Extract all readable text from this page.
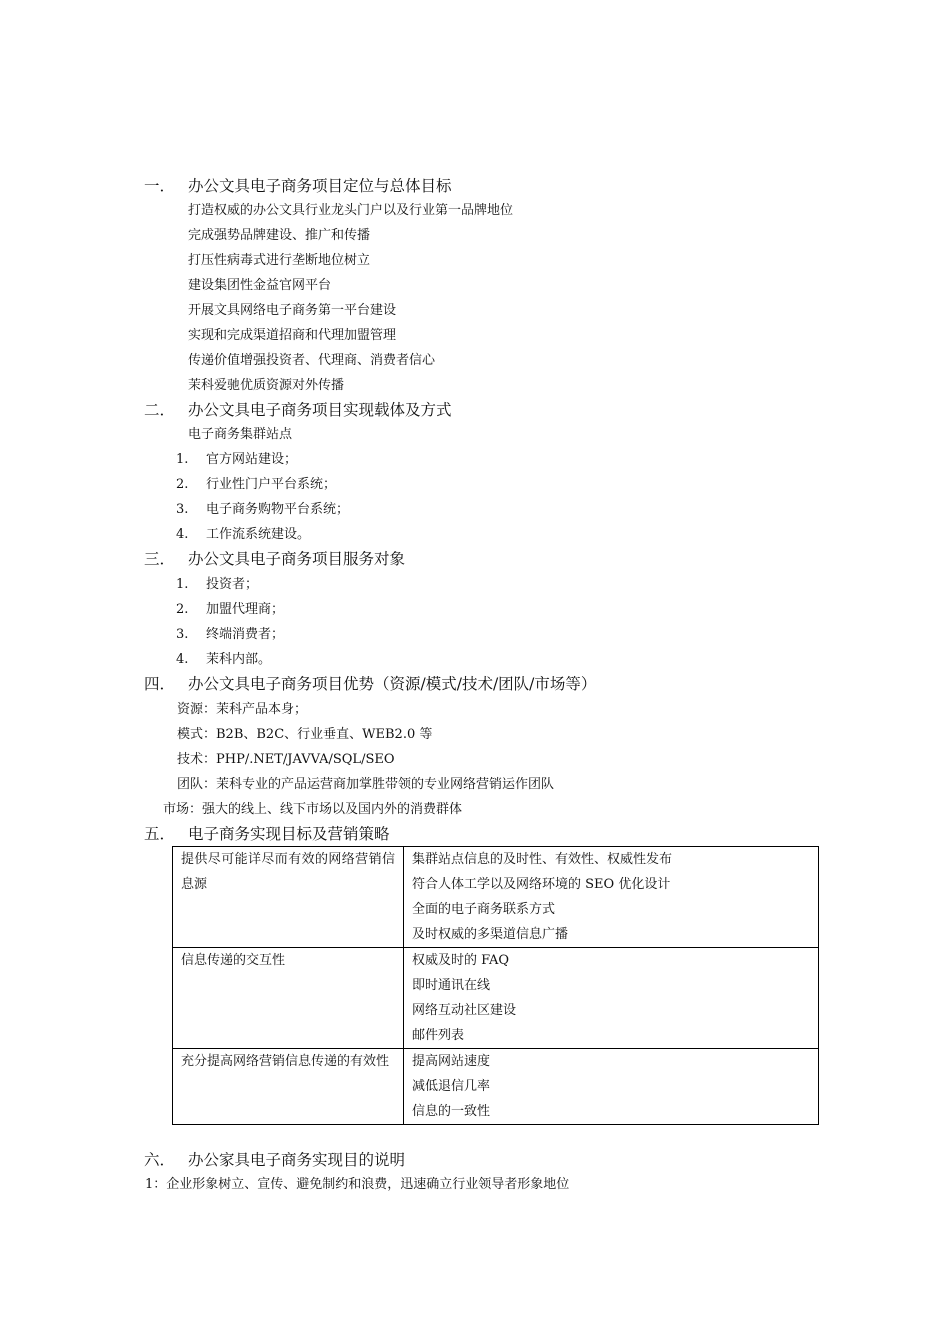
一． 办公文具电子商务项目定位与总体目标
打造权威的办公文具行业龙头门户以及行业第一品牌地位
完成强势品牌建设、推广和传播
打压性病毒式进行垄断地位树立
建设集团性金益官网平台
开展文具网络电子商务第一平台建设
实现和完成渠道招商和代理加盟管理
传递价值增强投资者、代理商、消费者信心
茉科爱驰优质资源对外传播
二． 办公文具电子商务项目实现载体及方式
电子商务集群站点
1. 官方网站建设；
2. 行业性门户平台系统；
3. 电子商务购物平台系统；
4. 工作流系统建设。
三． 办公文具电子商务项目服务对象
1. 投资者；
2. 加盟代理商；
3. 终端消费者；
4. 茉科内部。
四． 办公文具电子商务项目优势（资源/模式/技术/团队/市场等）
资源：茉科产品本身；
模式：B2B、B2C、行业垂直、WEB2.0 等
技术：PHP/.NET/JAVVA/SQL/SEO
团队：茉科专业的产品运营商加掌胜带领的专业网络营销运作团队
市场：强大的线上、线下市场以及国内外的消费群体
五． 电子商务实现目标及营销策略
提供尽可能详尽而有效的网络营销信息源	集群站点信息的及时性、有效性、权威性发布
符合人体工学以及网络环境的 SEO 优化设计
全面的电子商务联系方式
及时权威的多渠道信息广播

信息传递的交互性	权威及时的 FAQ
即时通讯在线
网络互动社区建设
邮件列表

充分提高网络营销信息传递的有效性	提高网站速度
减低退信几率
信息的一致性
六． 办公家具电子商务实现目的说明
1：企业形象树立、宣传、避免制约和浪费，迅速确立行业领导者形象地位
